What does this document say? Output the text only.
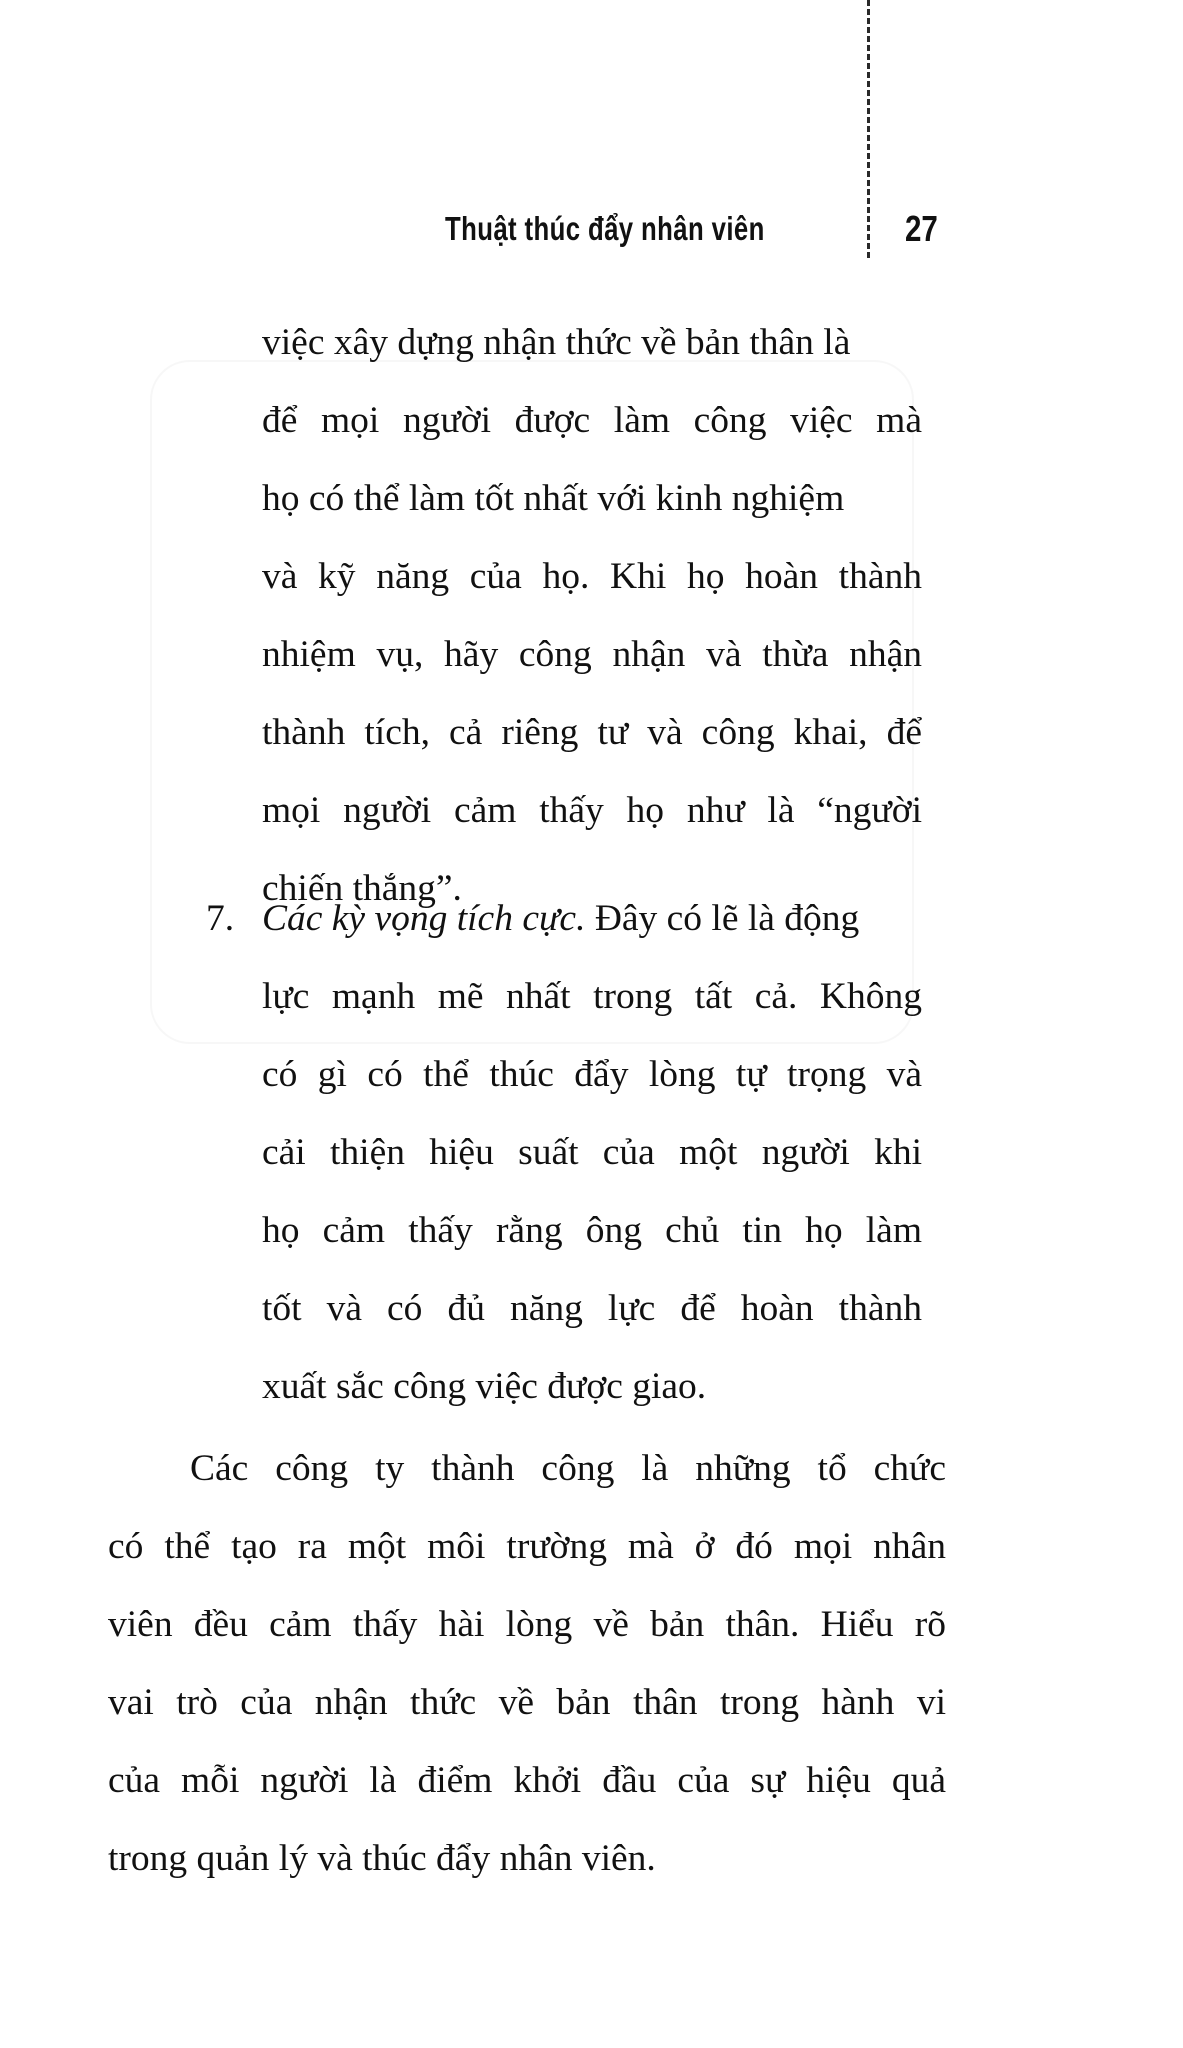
Thuật thúc đẩy nhân viên	27
việc xây dựng nhận thức về bản thân là
để mọi người được làm công việc mà
họ có thể làm tốt nhất với kinh nghiệm
và kỹ năng của họ. Khi họ hoàn thành
nhiệm vụ, hãy công nhận và thừa nhận
thành tích, cả riêng tư và công khai, để
mọi người cảm thấy họ như là “người
chiến thắng”.
7. Các kỳ vọng tích cực. Đây có lẽ là động
lực mạnh mẽ nhất trong tất cả. Không
có gì có thể thúc đẩy lòng tự trọng và
cải thiện hiệu suất của một người khi
họ cảm thấy rằng ông chủ tin họ làm
tốt và có đủ năng lực để hoàn thành
xuất sắc công việc được giao.
Các công ty thành công là những tổ chức
có thể tạo ra một môi trường mà ở đó mọi nhân
viên đều cảm thấy hài lòng về bản thân. Hiểu rõ
vai trò của nhận thức về bản thân trong hành vi
của mỗi người là điểm khởi đầu của sự hiệu quả
trong quản lý và thúc đẩy nhân viên.
